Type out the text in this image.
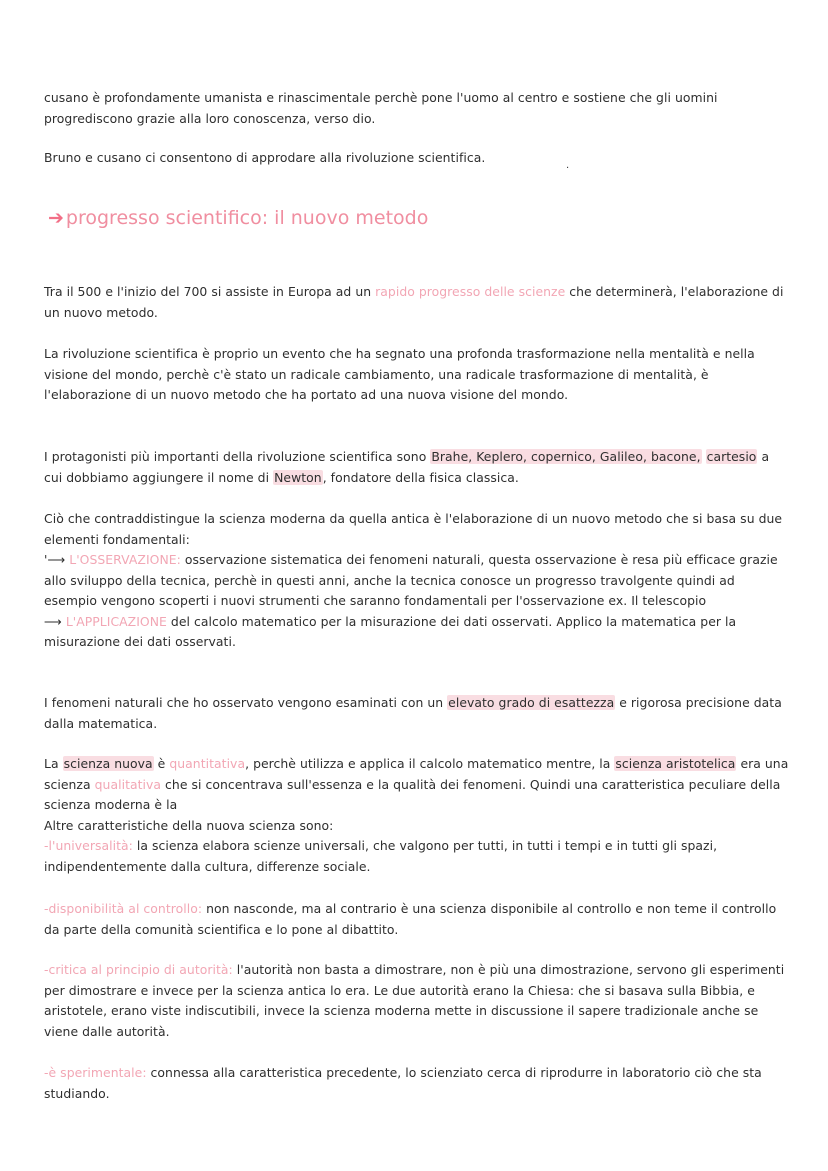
cusano è profondamente umanista e rinascimentale perchè pone l'uomo al centro e sostiene che gli uomini progrediscono grazie alla loro conoscenza, verso dio.

Bruno e cusano ci consentono di approdare alla rivoluzione scientifica.

.
➔ progresso scientifico: il nuovo metodo

Tra il 500 e l'inizio del 700 si assiste in Europa ad un rapido progresso delle scienze che determinerà, l'elaborazione di un nuovo metodo.

La rivoluzione scientifica è proprio un evento che ha segnato una profonda trasformazione nella mentalità e nella visione del mondo, perchè c'è stato un radicale cambiamento, una radicale trasformazione di mentalità, è l'elaborazione di un nuovo metodo che ha portato ad una nuova visione del mondo.

I protagonisti più importanti della rivoluzione scientifica sono Brahe, Keplero, copernico, Galileo, bacone, cartesio a cui dobbiamo aggiungere il nome di Newton, fondatore della fisica classica.

Ciò che contraddistingue la scienza moderna da quella antica è l'elaborazione di un nuovo metodo che si basa su due elementi fondamentali:
'⟶ L'OSSERVAZIONE: osservazione sistematica dei fenomeni naturali, questa osservazione è resa più efficace grazie allo sviluppo della tecnica, perchè in questi anni, anche la tecnica conosce un progresso travolgente quindi ad esempio vengono scoperti i nuovi strumenti che saranno fondamentali per l'osservazione ex. Il telescopio
⟶ L'APPLICAZIONE del calcolo matematico per la misurazione dei dati osservati. Applico la matematica per la misurazione dei dati osservati.

I fenomeni naturali che ho osservato vengono esaminati con un elevato grado di esattezza e rigorosa precisione data dalla matematica.

La scienza nuova è quantitativa, perchè utilizza e applica il calcolo matematico mentre, la scienza aristotelica era una scienza qualitativa che si concentrava sull'essenza e la qualità dei fenomeni. Quindi una caratteristica peculiare della scienza moderna è la
Altre caratteristiche della nuova scienza sono:
-l'universalità: la scienza elabora scienze universali, che valgono per tutti, in tutti i tempi e in tutti gli spazi, indipendentemente dalla cultura, differenze sociale.

-disponibilità al controllo: non nasconde, ma al contrario è una scienza disponibile al controllo e non teme il controllo da parte della comunità scientifica e lo pone al dibattito.

-critica al principio di autorità: l'autorità non basta a dimostrare, non è più una dimostrazione, servono gli esperimenti per dimostrare e invece per la scienza antica lo era. Le due autorità erano la Chiesa: che si basava sulla Bibbia, e aristotele, erano viste indiscutibili, invece la scienza moderna mette in discussione il sapere tradizionale anche se viene dalle autorità.

-è sperimentale: connessa alla caratteristica precedente, lo scienziato cerca di riprodurre in laboratorio ciò che sta studiando.
